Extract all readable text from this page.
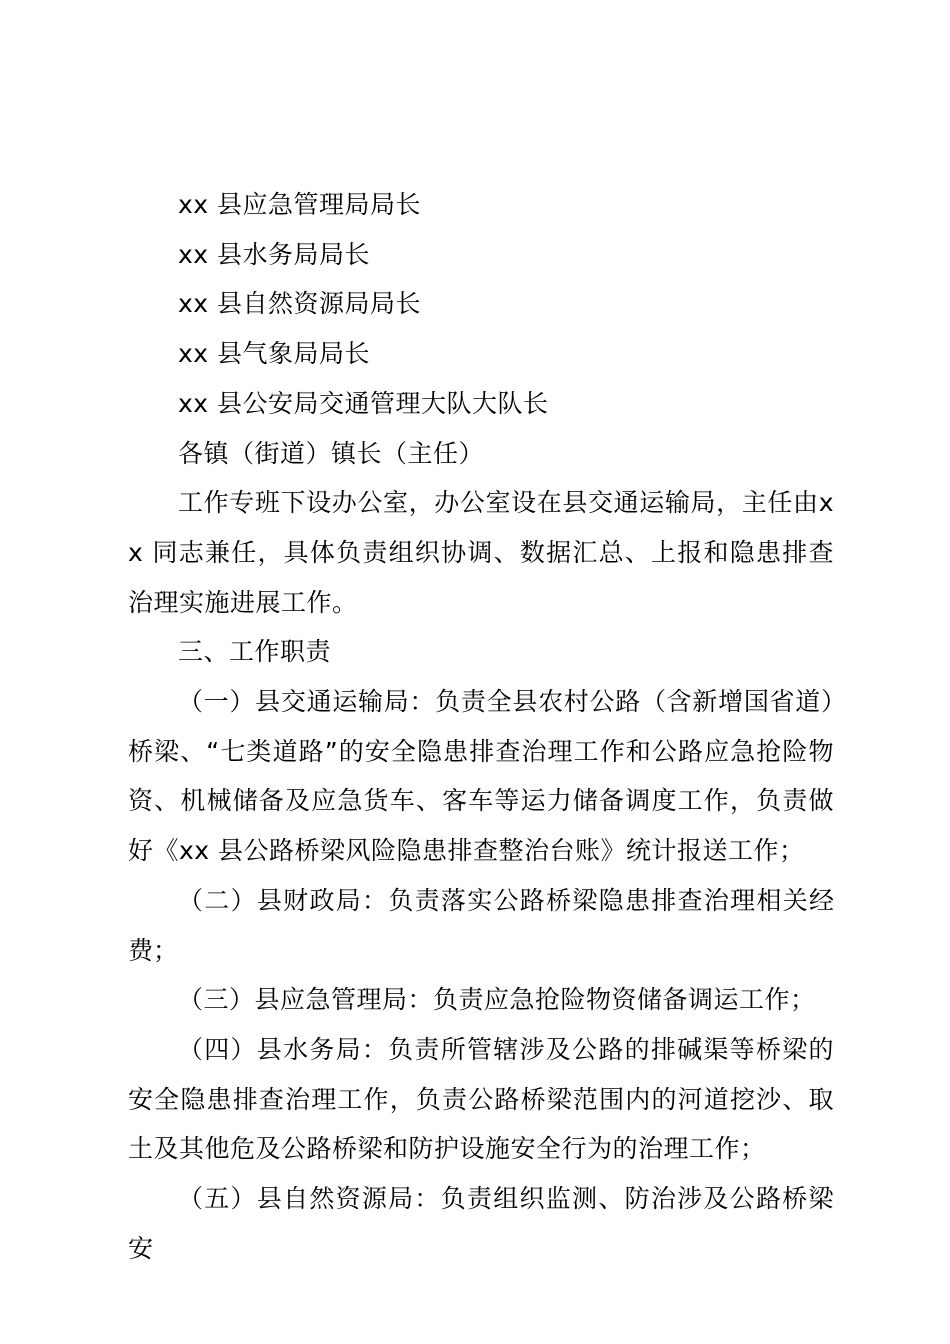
xx 县应急管理局局长

xx 县水务局局长

xx 县自然资源局局长

xx 县气象局局长

xx 县公安局交通管理大队大队长

各镇（街道）镇长（主任）

工作专班下设办公室，办公室设在县交通运输局，主任由xx 同志兼任，具体负责组织协调、数据汇总、上报和隐患排查治理实施进展工作。

三、工作职责

（一）县交通运输局：负责全县农村公路（含新增国省道）桥梁、“七类道路”的安全隐患排查治理工作和公路应急抢险物资、机械储备及应急货车、客车等运力储备调度工作，负责做好《xx 县公路桥梁风险隐患排查整治台账》统计报送工作；

（二）县财政局：负责落实公路桥梁隐患排查治理相关经费；

（三）县应急管理局：负责应急抢险物资储备调运工作；

（四）县水务局：负责所管辖涉及公路的排碱渠等桥梁的安全隐患排查治理工作，负责公路桥梁范围内的河道挖沙、取土及其他危及公路桥梁和防护设施安全行为的治理工作；

（五）县自然资源局：负责组织监测、防治涉及公路桥梁安
